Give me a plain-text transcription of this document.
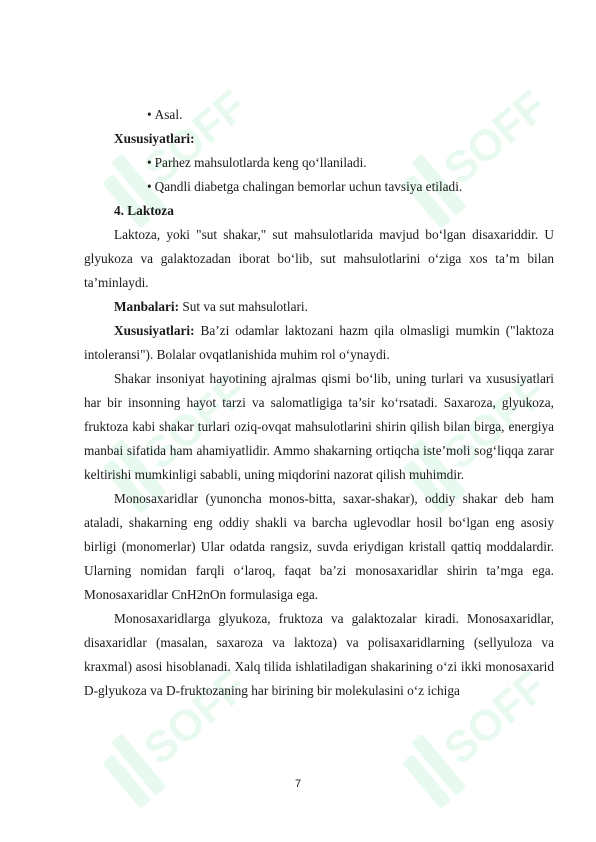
SOFF	SOFF
SOFF	SOFF
SOFF	SOFF

• Asal.

Xususiyatlari:

• Parhez mahsulotlarda keng qo‘llaniladi.

• Qandli diabetga chalingan bemorlar uchun tavsiya etiladi.

4. Laktoza

Laktoza, yoki "sut shakar," sut mahsulotlarida mavjud bo‘lgan disaxariddir. U glyukoza va galaktozadan iborat bo‘lib, sut mahsulotlarini o‘ziga xos ta’m bilan ta’minlaydi.

Manbalari: Sut va sut mahsulotlari.

Xususiyatlari: Ba’zi odamlar laktozani hazm qila olmasligi mumkin ("laktoza intoleransi"). Bolalar ovqatlanishida muhim rol o‘ynaydi.

Shakar insoniyat hayotining ajralmas qismi bo‘lib, uning turlari va xususiyatlari har bir insonning hayot tarzi va salomatligiga ta’sir ko‘rsatadi. Saxaroza, glyukoza, fruktoza kabi shakar turlari oziq-ovqat mahsulotlarini shirin qilish bilan birga, energiya manbai sifatida ham ahamiyatlidir. Ammo shakarning ortiqcha iste’moli sog‘liqqa zarar keltirishi mumkinligi sababli, uning miqdorini nazorat qilish muhimdir.

Monosaxaridlar (yunoncha monos-bitta, saxar-shakar), oddiy shakar deb ham ataladi, shakarning eng oddiy shakli va barcha uglevodlar hosil bo‘lgan eng asosiy birligi (monomerlar) Ular odatda rangsiz, suvda eriydigan kristall qattiq moddalardir. Ularning nomidan farqli o‘laroq, faqat ba’zi monosaxaridlar shirin ta’mga ega. Monosaxaridlar CnH2nOn formulasiga ega.

Monosaxaridlarga glyukoza, fruktoza va galaktozalar kiradi. Monosaxaridlar, disaxaridlar (masalan, saxaroza va laktoza) va polisaxaridlarning (sellyuloza va kraxmal) asosi hisoblanadi. Xalq tilida ishlatiladigan shakarining o‘zi ikki monosaxarid D-glyukoza va D-fruktozaning har birining bir molekulasini o‘z ichiga

7
